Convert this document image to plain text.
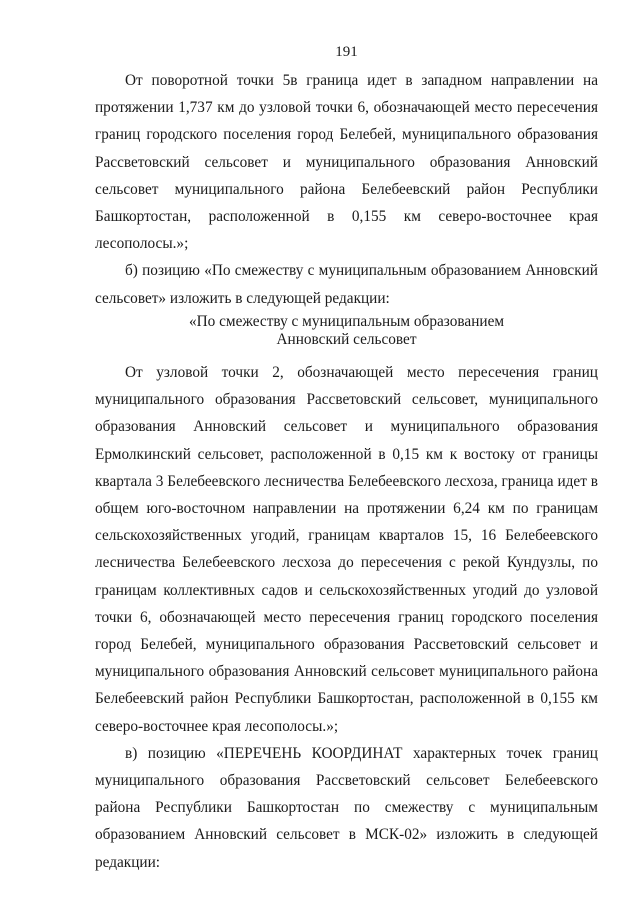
191

От поворотной точки 5в граница идет в западном направлении на протяжении 1,737 км до узловой точки 6, обозначающей место пересечения границ городского поселения город Белебей, муниципального образования Рассветовский сельсовет и муниципального образования Анновский сельсовет муниципального района Белебеевский район Республики Башкортостан, расположенной в 0,155 км северо-восточнее края лесополосы.»;

б) позицию «По смежеству с муниципальным образованием Анновский сельсовет» изложить в следующей редакции:

«По смежеству с муниципальным образованием
Анновский сельсовет

От узловой точки 2, обозначающей место пересечения границ муниципального образования Рассветовский сельсовет, муниципального образования Анновский сельсовет и муниципального образования Ермолкинский сельсовет, расположенной в 0,15 км к востоку от границы квартала 3 Белебеевского лесничества Белебеевского лесхоза, граница идет в общем юго-восточном направлении на протяжении 6,24 км по границам сельскохозяйственных угодий, границам кварталов 15, 16 Белебеевского лесничества Белебеевского лесхоза до пересечения с рекой Кундузлы, по границам коллективных садов и сельскохозяйственных угодий до узловой точки 6, обозначающей место пересечения границ городского поселения город Белебей, муниципального образования Рассветовский сельсовет и муниципального образования Анновский сельсовет муниципального района Белебеевский район Республики Башкортостан, расположенной в 0,155 км северо-восточнее края лесополосы.»;

в) позицию «ПЕРЕЧЕНЬ КООРДИНАТ характерных точек границ муниципального образования Рассветовский сельсовет Белебеевского района Республики Башкортостан по смежеству с муниципальным образованием Анновский сельсовет в МСК-02» изложить в следующей редакции:
